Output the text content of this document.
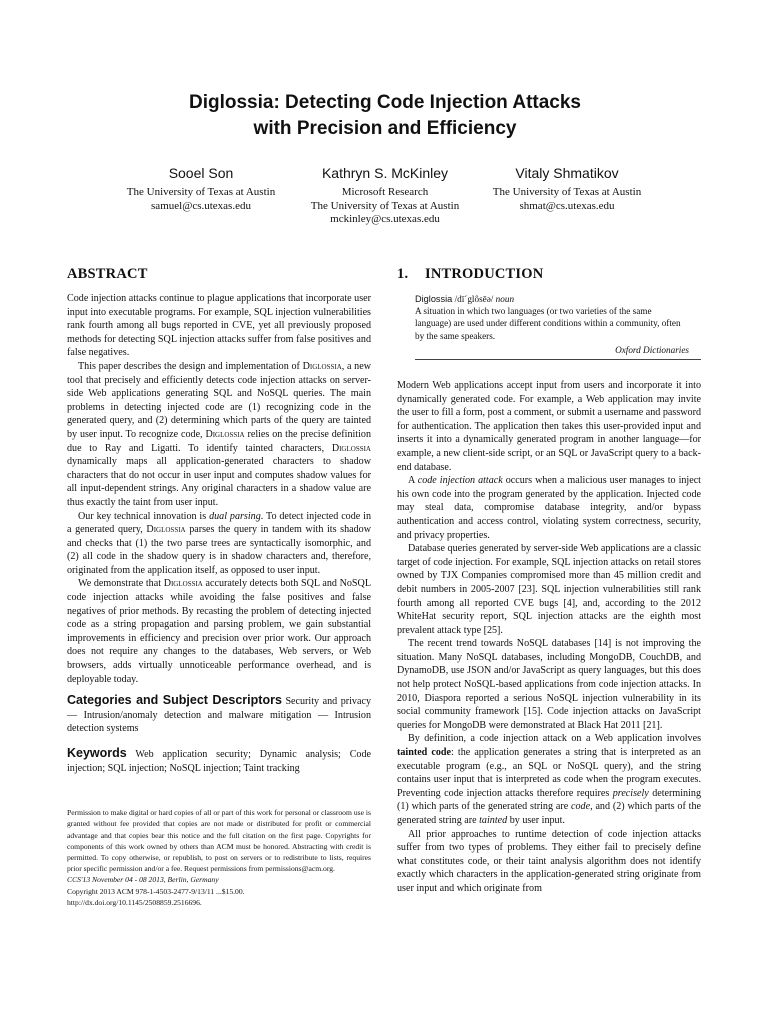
Diglossia: Detecting Code Injection Attacks
with Precision and Efficiency
Sooel Son
The University of Texas at Austin
samuel@cs.utexas.edu
Kathryn S. McKinley
Microsoft Research
The University of Texas at Austin
mckinley@cs.utexas.edu
Vitaly Shmatikov
The University of Texas at Austin
shmat@cs.utexas.edu
ABSTRACT

Code injection attacks continue to plague applications that incorporate user input into executable programs. For example, SQL injection vulnerabilities rank fourth among all bugs reported in CVE, yet all previously proposed methods for detecting SQL injection attacks suffer from false positives and false negatives.

This paper describes the design and implementation of Diglossia, a new tool that precisely and efficiently detects code injection attacks on server-side Web applications generating SQL and NoSQL queries. The main problems in detecting injected code are (1) recognizing code in the generated query, and (2) determining which parts of the query are tainted by user input. To recognize code, Diglossia relies on the precise definition due to Ray and Ligatti. To identify tainted characters, Diglossia dynamically maps all application-generated characters to shadow characters that do not occur in user input and computes shadow values for all input-dependent strings. Any original characters in a shadow value are thus exactly the taint from user input.

Our key technical innovation is dual parsing. To detect injected code in a generated query, Diglossia parses the query in tandem with its shadow and checks that (1) the two parse trees are syntactically isomorphic, and (2) all code in the shadow query is in shadow characters and, therefore, originated from the application itself, as opposed to user input.

We demonstrate that Diglossia accurately detects both SQL and NoSQL code injection attacks while avoiding the false positives and false negatives of prior methods. By recasting the problem of detecting injected code as a string propagation and parsing problem, we gain substantial improvements in efficiency and precision over prior work. Our approach does not require any changes to the databases, Web servers, or Web browsers, adds virtually unnoticeable performance overhead, and is deployable today.

Categories and Subject Descriptors Security and privacy — Intrusion/anomaly detection and malware mitigation — Intrusion detection systems

Keywords Web application security; Dynamic analysis; Code injection; SQL injection; NoSQL injection; Taint tracking

Permission to make digital or hard copies of all or part of this work for personal or classroom use is granted without fee provided that copies are not made or distributed for profit or commercial advantage and that copies bear this notice and the full citation on the first page. Copyrights for components of this work owned by others than ACM must be honored. Abstracting with credit is permitted. To copy otherwise, or republish, to post on servers or to redistribute to lists, requires prior specific permission and/or a fee. Request permissions from permissions@acm.org.

CCS'13 November 04 - 08 2013, Berlin, Germany
Copyright 2013 ACM 978-1-4503-2477-9/13/11 ...$15.00.
http://dx.doi.org/10.1145/2508859.2516696.
1. INTRODUCTION
Diglossia /dī´glôsēə/ noun
A situation in which two languages (or two varieties of the same language) are used under different conditions within a community, often by the same speakers.
Oxford Dictionaries

Modern Web applications accept input from users and incorporate it into dynamically generated code. For example, a Web application may invite the user to fill a form, post a comment, or submit a username and password for authentication. The application then takes this user-provided input and inserts it into a dynamically generated program in another language—for example, a new client-side script, or an SQL or JavaScript query to a back-end database.

A code injection attack occurs when a malicious user manages to inject his own code into the program generated by the application. Injected code may steal data, compromise database integrity, and/or bypass authentication and access control, violating system correctness, security, and privacy properties.

Database queries generated by server-side Web applications are a classic target of code injection. For example, SQL injection attacks on retail stores owned by TJX Companies compromised more than 45 million credit and debit numbers in 2005-2007 [23]. SQL injection vulnerabilities still rank fourth among all reported CVE bugs [4], and, according to the 2012 WhiteHat security report, SQL injection attacks are the eighth most prevalent attack type [25].

The recent trend towards NoSQL databases [14] is not improving the situation. Many NoSQL databases, including MongoDB, CouchDB, and DynamoDB, use JSON and/or JavaScript as query languages, but this does not help protect NoSQL-based applications from code injection attacks. In 2010, Diaspora reported a serious NoSQL injection vulnerability in its social community framework [15]. Code injection attacks on JavaScript queries for MongoDB were demonstrated at Black Hat 2011 [21].

By definition, a code injection attack on a Web application involves tainted code: the application generates a string that is interpreted as an executable program (e.g., an SQL or NoSQL query), and the string contains user input that is interpreted as code when the program executes. Preventing code injection attacks therefore requires precisely determining (1) which parts of the generated string are code, and (2) which parts of the generated string are tainted by user input.

All prior approaches to runtime detection of code injection attacks suffer from two types of problems. They either fail to precisely define what constitutes code, or their taint analysis algorithm does not identify exactly which characters in the application-generated string originate from user input and which originate from
